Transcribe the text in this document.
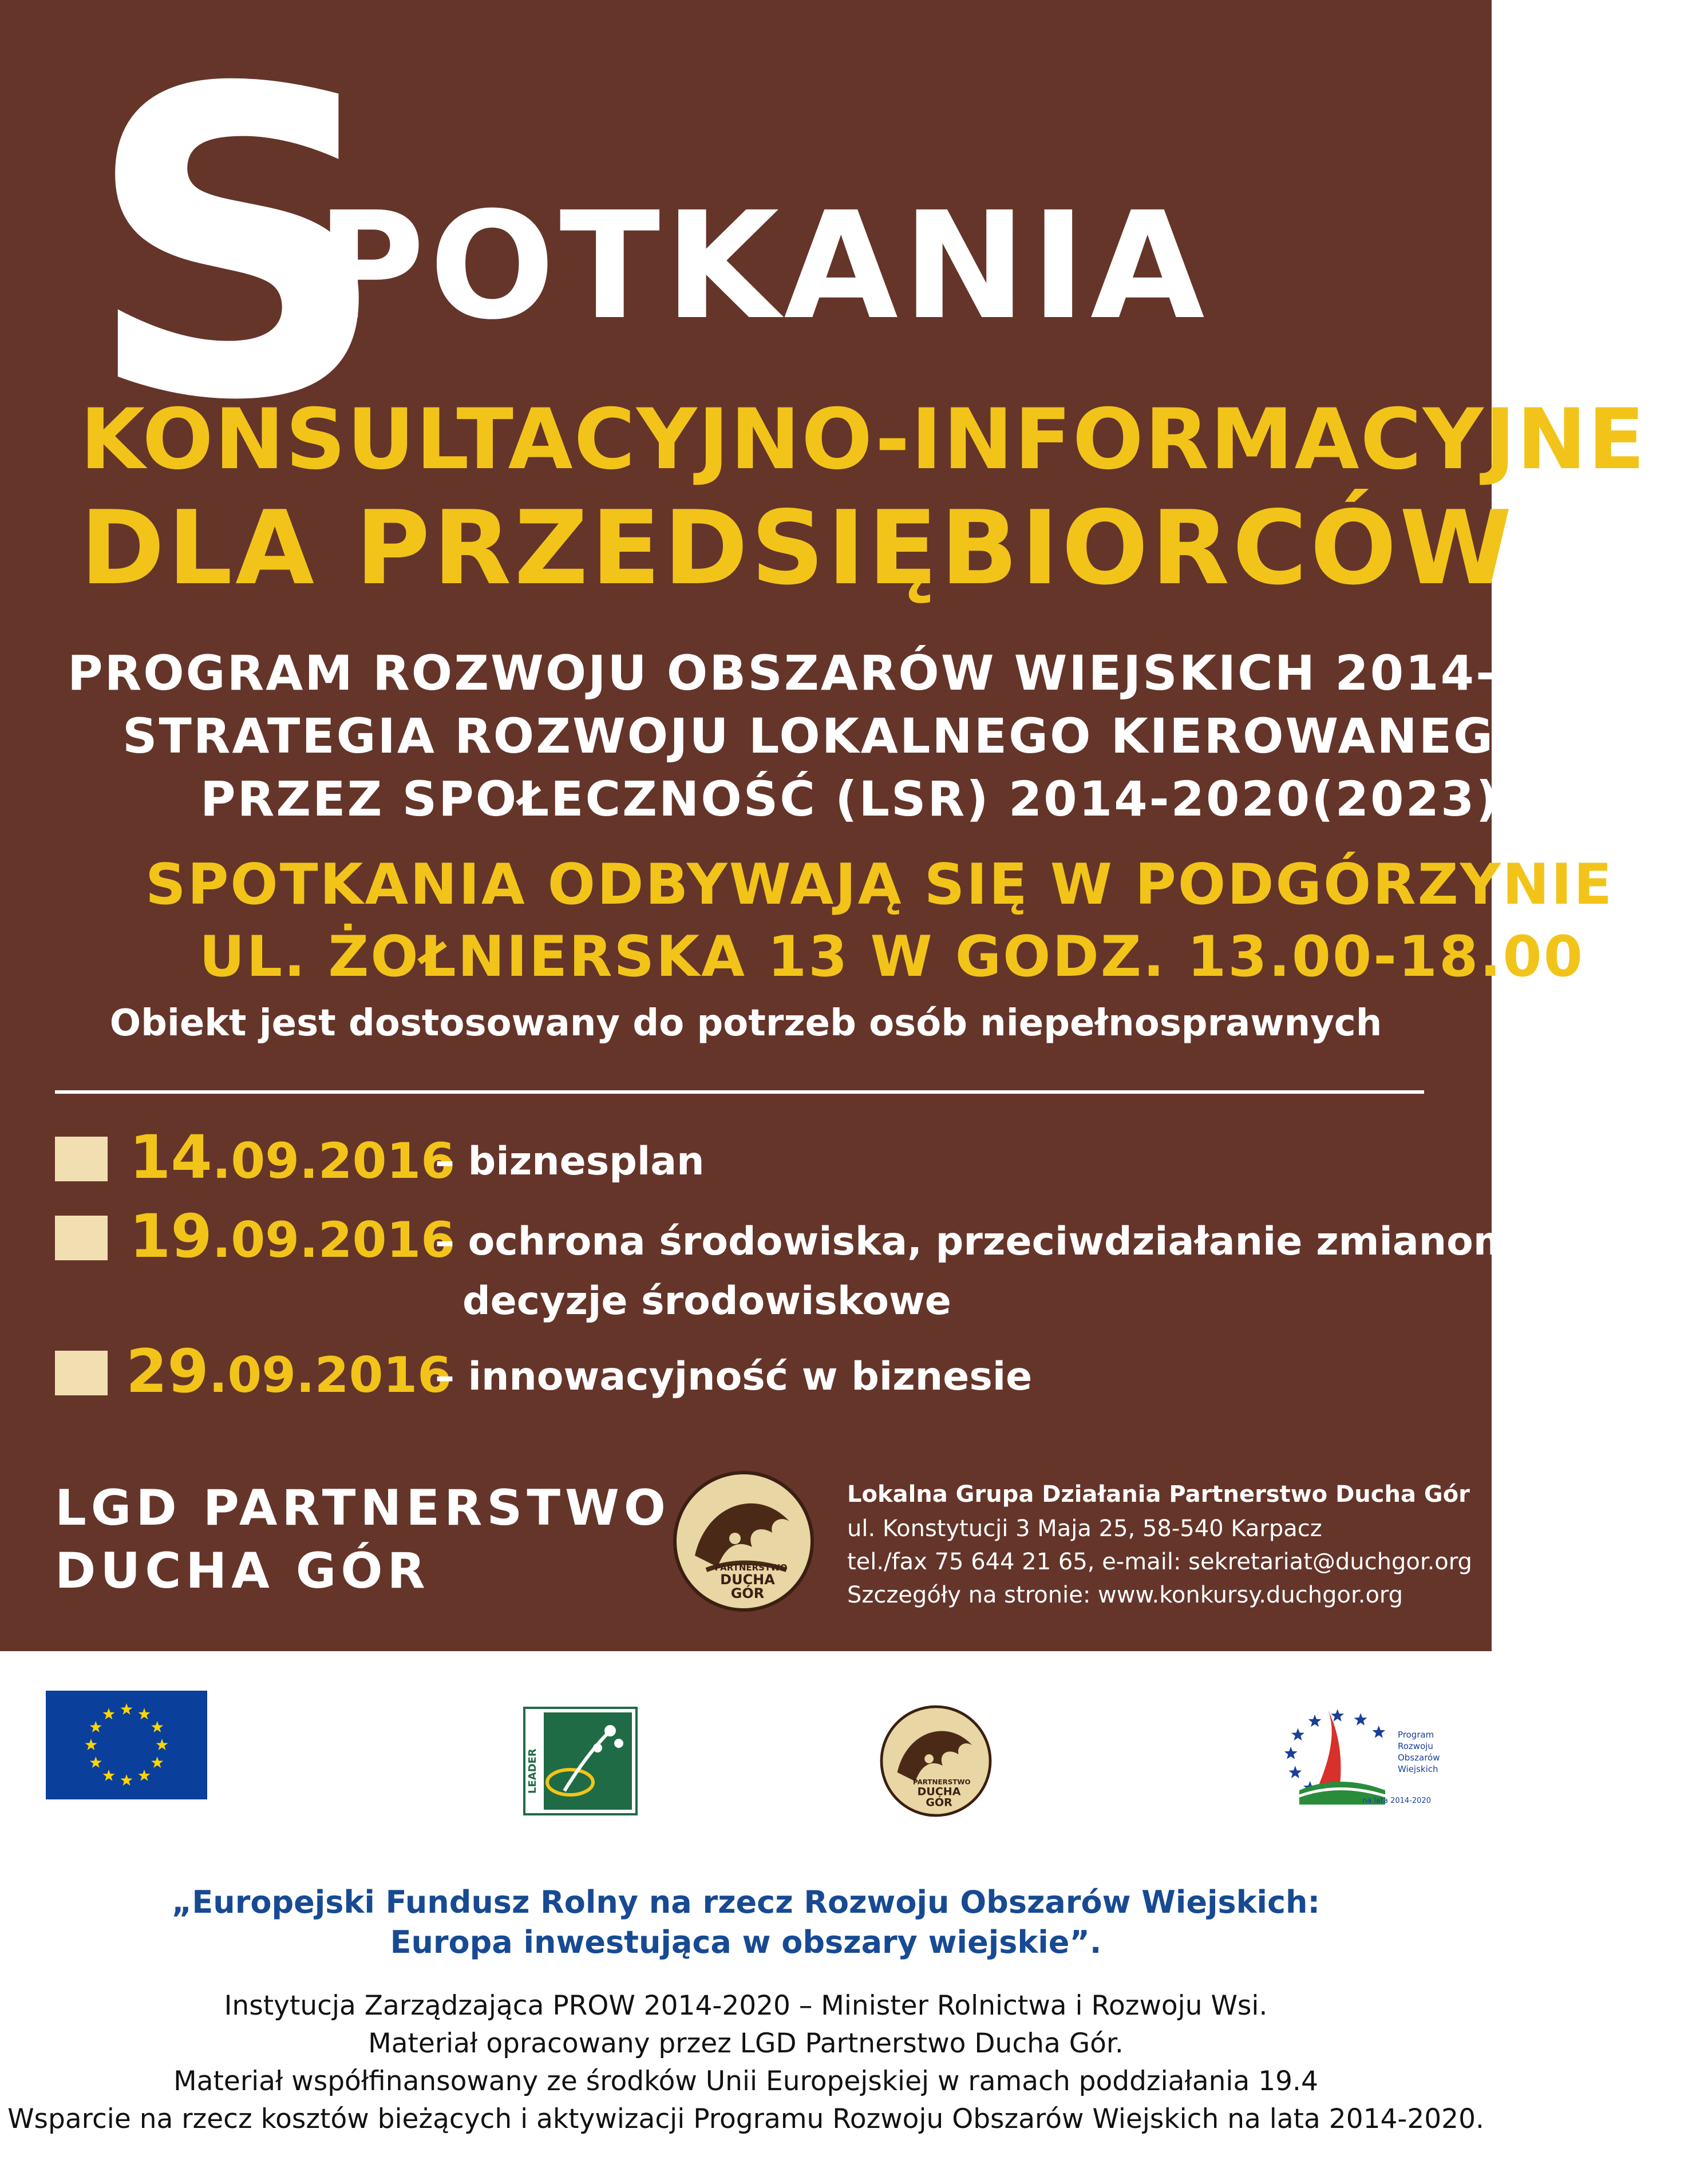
S
POTKANIA
KONSULTACYJNO-INFORMACYJNE
DLA PRZEDSIĘBIORCÓW
PROGRAM ROZWOJU OBSZARÓW WIEJSKICH 2014-2020
STRATEGIA ROZWOJU LOKALNEGO KIEROWANEGO
PRZEZ SPOŁECZNOŚĆ (LSR) 2014-2020(2023)
SPOTKANIA ODBYWAJĄ SIĘ W PODGÓRZYNIE
UL. ŻOŁNIERSKA 13 W GODZ. 13.00-18.00
Obiekt jest dostosowany do potrzeb osób niepełnosprawnych
14.09.2016
– biznesplan
19.09.2016
– ochrona środowiska, przeciwdziałanie zmianom klimatu,
decyzje środowiskowe
29.09.2016
– innowacyjność w biznesie
LGD PARTNERSTWO
DUCHA GÓR	PARTNERSTWO
DUCHA
GÓR
Lokalna Grupa Działania Partnerstwo Ducha Gór
ul. Konstytucji 3 Maja 25, 58-540 Karpacz
tel./fax 75 644 21 65, e-mail: sekretariat@duchgor.org
Szczegóły na stronie: www.konkursy.duchgor.org
LEADER	PARTNERSTWO
DUCHA
GÓR
Program
Rozwoju
Obszarów
Wiejskich
na lata 2014-2020
„Europejski Fundusz Rolny na rzecz Rozwoju Obszarów Wiejskich:
Europa inwestująca w obszary wiejskie”.
Instytucja Zarządzająca PROW 2014-2020 – Minister Rolnictwa i Rozwoju Wsi.
Materiał opracowany przez LGD Partnerstwo Ducha Gór.
Materiał współfinansowany ze środków Unii Europejskiej w ramach poddziałania 19.4
Wsparcie na rzecz kosztów bieżących i aktywizacji Programu Rozwoju Obszarów Wiejskich na lata 2014-2020.
